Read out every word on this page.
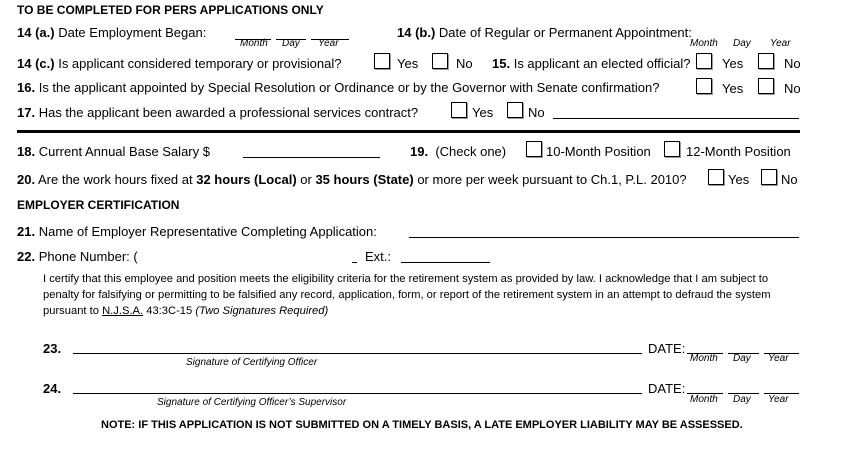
TO BE COMPLETED FOR PERS APPLICATIONS ONLY
14 (a.) Date Employment Began:
Month Day Year
14 (b.) Date of Regular or Permanent Appointment:
Month Day Year
14 (c.) Is applicant considered temporary or provisional?	Yes	No 15. Is applicant an elected official? Yes	No
16. Is the applicant appointed by Special Resolution or Ordinance or by the Governor with Senate confirmation?	Yes	No
17. Has the applicant been awarded a professional services contract?	Yes	No
18. Current Annual Base Salary $	19. (Check one)	10-Month Position	12-Month Position
20. Are the work hours fixed at 32 hours (Local) or 35 hours (State) or more per week pursuant to Ch.1, P.L. 2010?	Yes No
EMPLOYER CERTIFICATION
21. Name of Employer Representative Completing Application:
22. Phone Number: (	Ext.:
I certify that this employee and position meets the eligibility criteria for the retirement system as provided by law. I acknowledge that I am subject to
penalty for falsifying or permitting to be falsified any record, application, form, or report of the retirement system in an attempt to defraud the system
pursuant to N.J.S.A. 43:3C-15 (Two Signatures Required)
23.
Signature of Certifying Officer
DATE:
Month Day Year
24.
Signature of Certifying Officer’s Supervisor
DATE:
Month Day Year
NOTE: IF THIS APPLICATION IS NOT SUBMITTED ON A TIMELY BASIS, A LATE EMPLOYER LIABILITY MAY BE ASSESSED.
